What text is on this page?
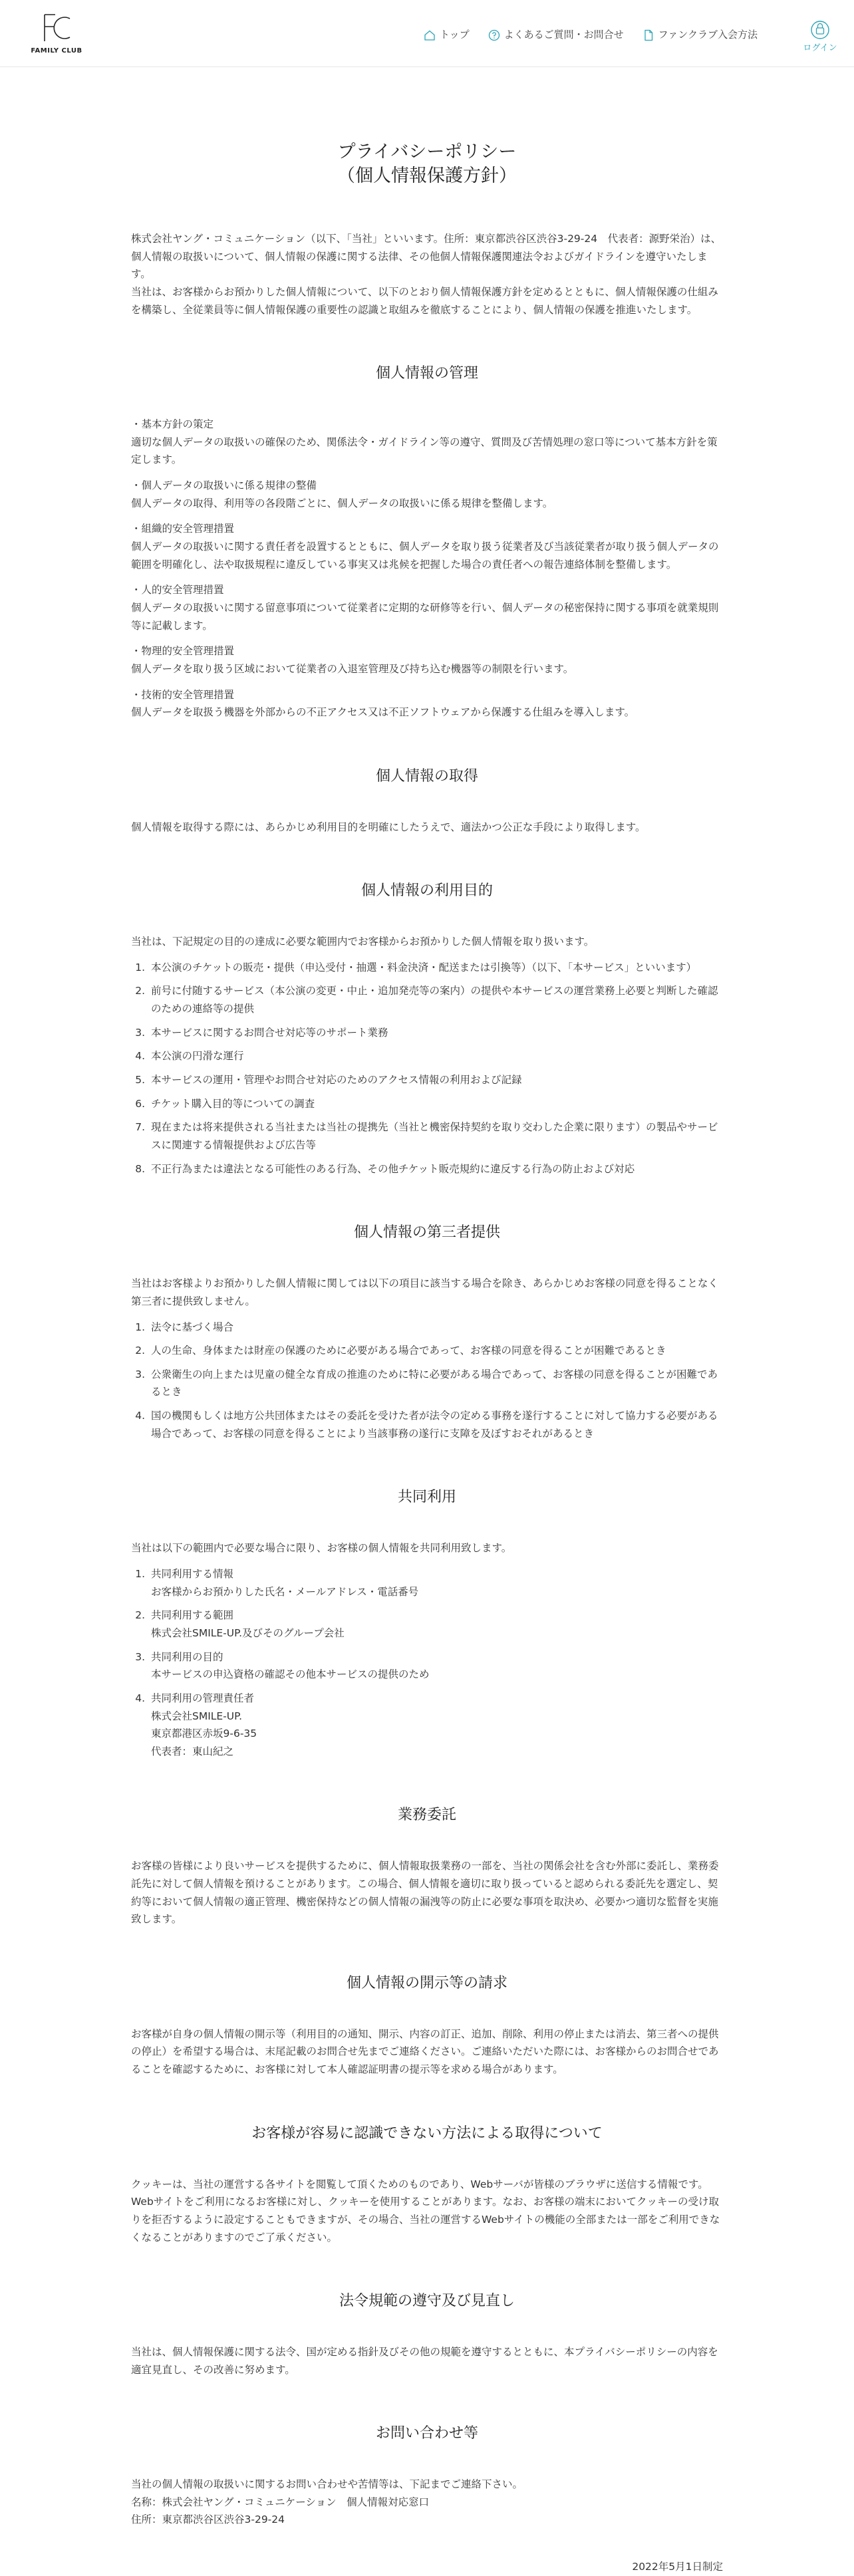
FAMILY CLUB
トップ	よくあるご質問・お問合せ	ファンクラブ入会方法
ログイン
プライバシーポリシー
（個人情報保護方針）

株式会社ヤング・コミュニケーション（以下、「当社」といいます。住所：東京都渋谷区渋谷3-29-24　代表者：源野栄治）は、個人情報の取扱いについて、個人情報の保護に関する法律、その他個人情報保護関連法令およびガイドラインを遵守いたします。

当社は、お客様からお預かりした個人情報について、以下のとおり個人情報保護方針を定めるとともに、個人情報保護の仕組みを構築し、全従業員等に個人情報保護の重要性の認識と取組みを徹底することにより、個人情報の保護を推進いたします。

個人情報の管理

・基本方針の策定

適切な個人データの取扱いの確保のため、関係法令・ガイドライン等の遵守、質問及び苦情処理の窓口等について基本方針を策定します。

・個人データの取扱いに係る規律の整備

個人データの取得、利用等の各段階ごとに、個人データの取扱いに係る規律を整備します。

・組織的安全管理措置

個人データの取扱いに関する責任者を設置するとともに、個人データを取り扱う従業者及び当該従業者が取り扱う個人データの範囲を明確化し、法や取扱規程に違反している事実又は兆候を把握した場合の責任者への報告連絡体制を整備します。

・人的安全管理措置

個人データの取扱いに関する留意事項について従業者に定期的な研修等を行い、個人データの秘密保持に関する事項を就業規則等に記載します。

・物理的安全管理措置

個人データを取り扱う区域において従業者の入退室管理及び持ち込む機器等の制限を行います。

・技術的安全管理措置

個人データを取扱う機器を外部からの不正アクセス又は不正ソフトウェアから保護する仕組みを導入します。

個人情報の取得

個人情報を取得する際には、あらかじめ利用目的を明確にしたうえで、適法かつ公正な手段により取得します。

個人情報の利用目的

当社は、下記規定の目的の達成に必要な範囲内でお客様からお預かりした個人情報を取り扱います。

1. 本公演のチケットの販売・提供（申込受付・抽選・料金決済・配送または引換等）（以下、「本サービス」といいます）
2. 前号に付随するサービス（本公演の変更・中止・追加発売等の案内）の提供や本サービスの運営業務上必要と判断した確認のための連絡等の提供
3. 本サービスに関するお問合せ対応等のサポート業務
4. 本公演の円滑な運行
5. 本サービスの運用・管理やお問合せ対応のためのアクセス情報の利用および記録
6. チケット購入目的等についての調査
7. 現在または将来提供される当社または当社の提携先（当社と機密保持契約を取り交わした企業に限ります）の製品やサービスに関連する情報提供および広告等
8. 不正行為または違法となる可能性のある行為、その他チケット販売規約に違反する行為の防止および対応
個人情報の第三者提供

当社はお客様よりお預かりした個人情報に関しては以下の項目に該当する場合を除き、あらかじめお客様の同意を得ることなく第三者に提供致しません。

1. 法令に基づく場合
2. 人の生命、身体または財産の保護のために必要がある場合であって、お客様の同意を得ることが困難であるとき
3. 公衆衛生の向上または児童の健全な育成の推進のために特に必要がある場合であって、お客様の同意を得ることが困難であるとき
4. 国の機関もしくは地方公共団体またはその委託を受けた者が法令の定める事務を遂行することに対して協力する必要がある場合であって、お客様の同意を得ることにより当該事務の遂行に支障を及ぼすおそれがあるとき
共同利用

当社は以下の範囲内で必要な場合に限り、お客様の個人情報を共同利用致します。

1. 共同利用する情報
お客様からお預かりした氏名・メールアドレス・電話番号
2. 共同利用する範囲
株式会社SMILE-UP.及びそのグループ会社
3. 共同利用の目的
本サービスの申込資格の確認その他本サービスの提供のため
4. 共同利用の管理責任者
株式会社SMILE-UP.
東京都港区赤坂9-6-35
代表者：東山紀之
業務委託

お客様の皆様により良いサービスを提供するために、個人情報取扱業務の一部を、当社の関係会社を含む外部に委託し、業務委託先に対して個人情報を預けることがあります。この場合、個人情報を適切に取り扱っていると認められる委託先を選定し、契約等において個人情報の適正管理、機密保持などの個人情報の漏洩等の防止に必要な事項を取決め、必要かつ適切な監督を実施致します。

個人情報の開示等の請求

お客様が自身の個人情報の開示等（利用目的の通知、開示、内容の訂正、追加、削除、利用の停止または消去、第三者への提供の停止）を希望する場合は、末尾記載のお問合せ先までご連絡ください。ご連絡いただいた際には、お客様からのお問合せであることを確認するために、お客様に対して本人確認証明書の提示等を求める場合があります。

お客様が容易に認識できない方法による取得について

クッキーは、当社の運営する各サイトを閲覧して頂くためのものであり、Webサーバが皆様のブラウザに送信する情報です。

Webサイトをご利用になるお客様に対し、クッキーを使用することがあります。なお、お客様の端末においてクッキーの受け取りを拒否するように設定することもできますが、その場合、当社の運営するWebサイトの機能の全部または一部をご利用できなくなることがありますのでご了承ください。

法令規範の遵守及び見直し

当社は、個人情報保護に関する法令、国が定める指針及びその他の規範を遵守するとともに、本プライバシーポリシーの内容を適宜見直し、その改善に努めます。

お問い合わせ等

当社の個人情報の取扱いに関するお問い合わせや苦情等は、下記までご連絡下さい。

名称：株式会社ヤング・コミュニケーション　個人情報対応窓口

住所：東京都渋谷区渋谷3-29-24

2022年5月1日制定
